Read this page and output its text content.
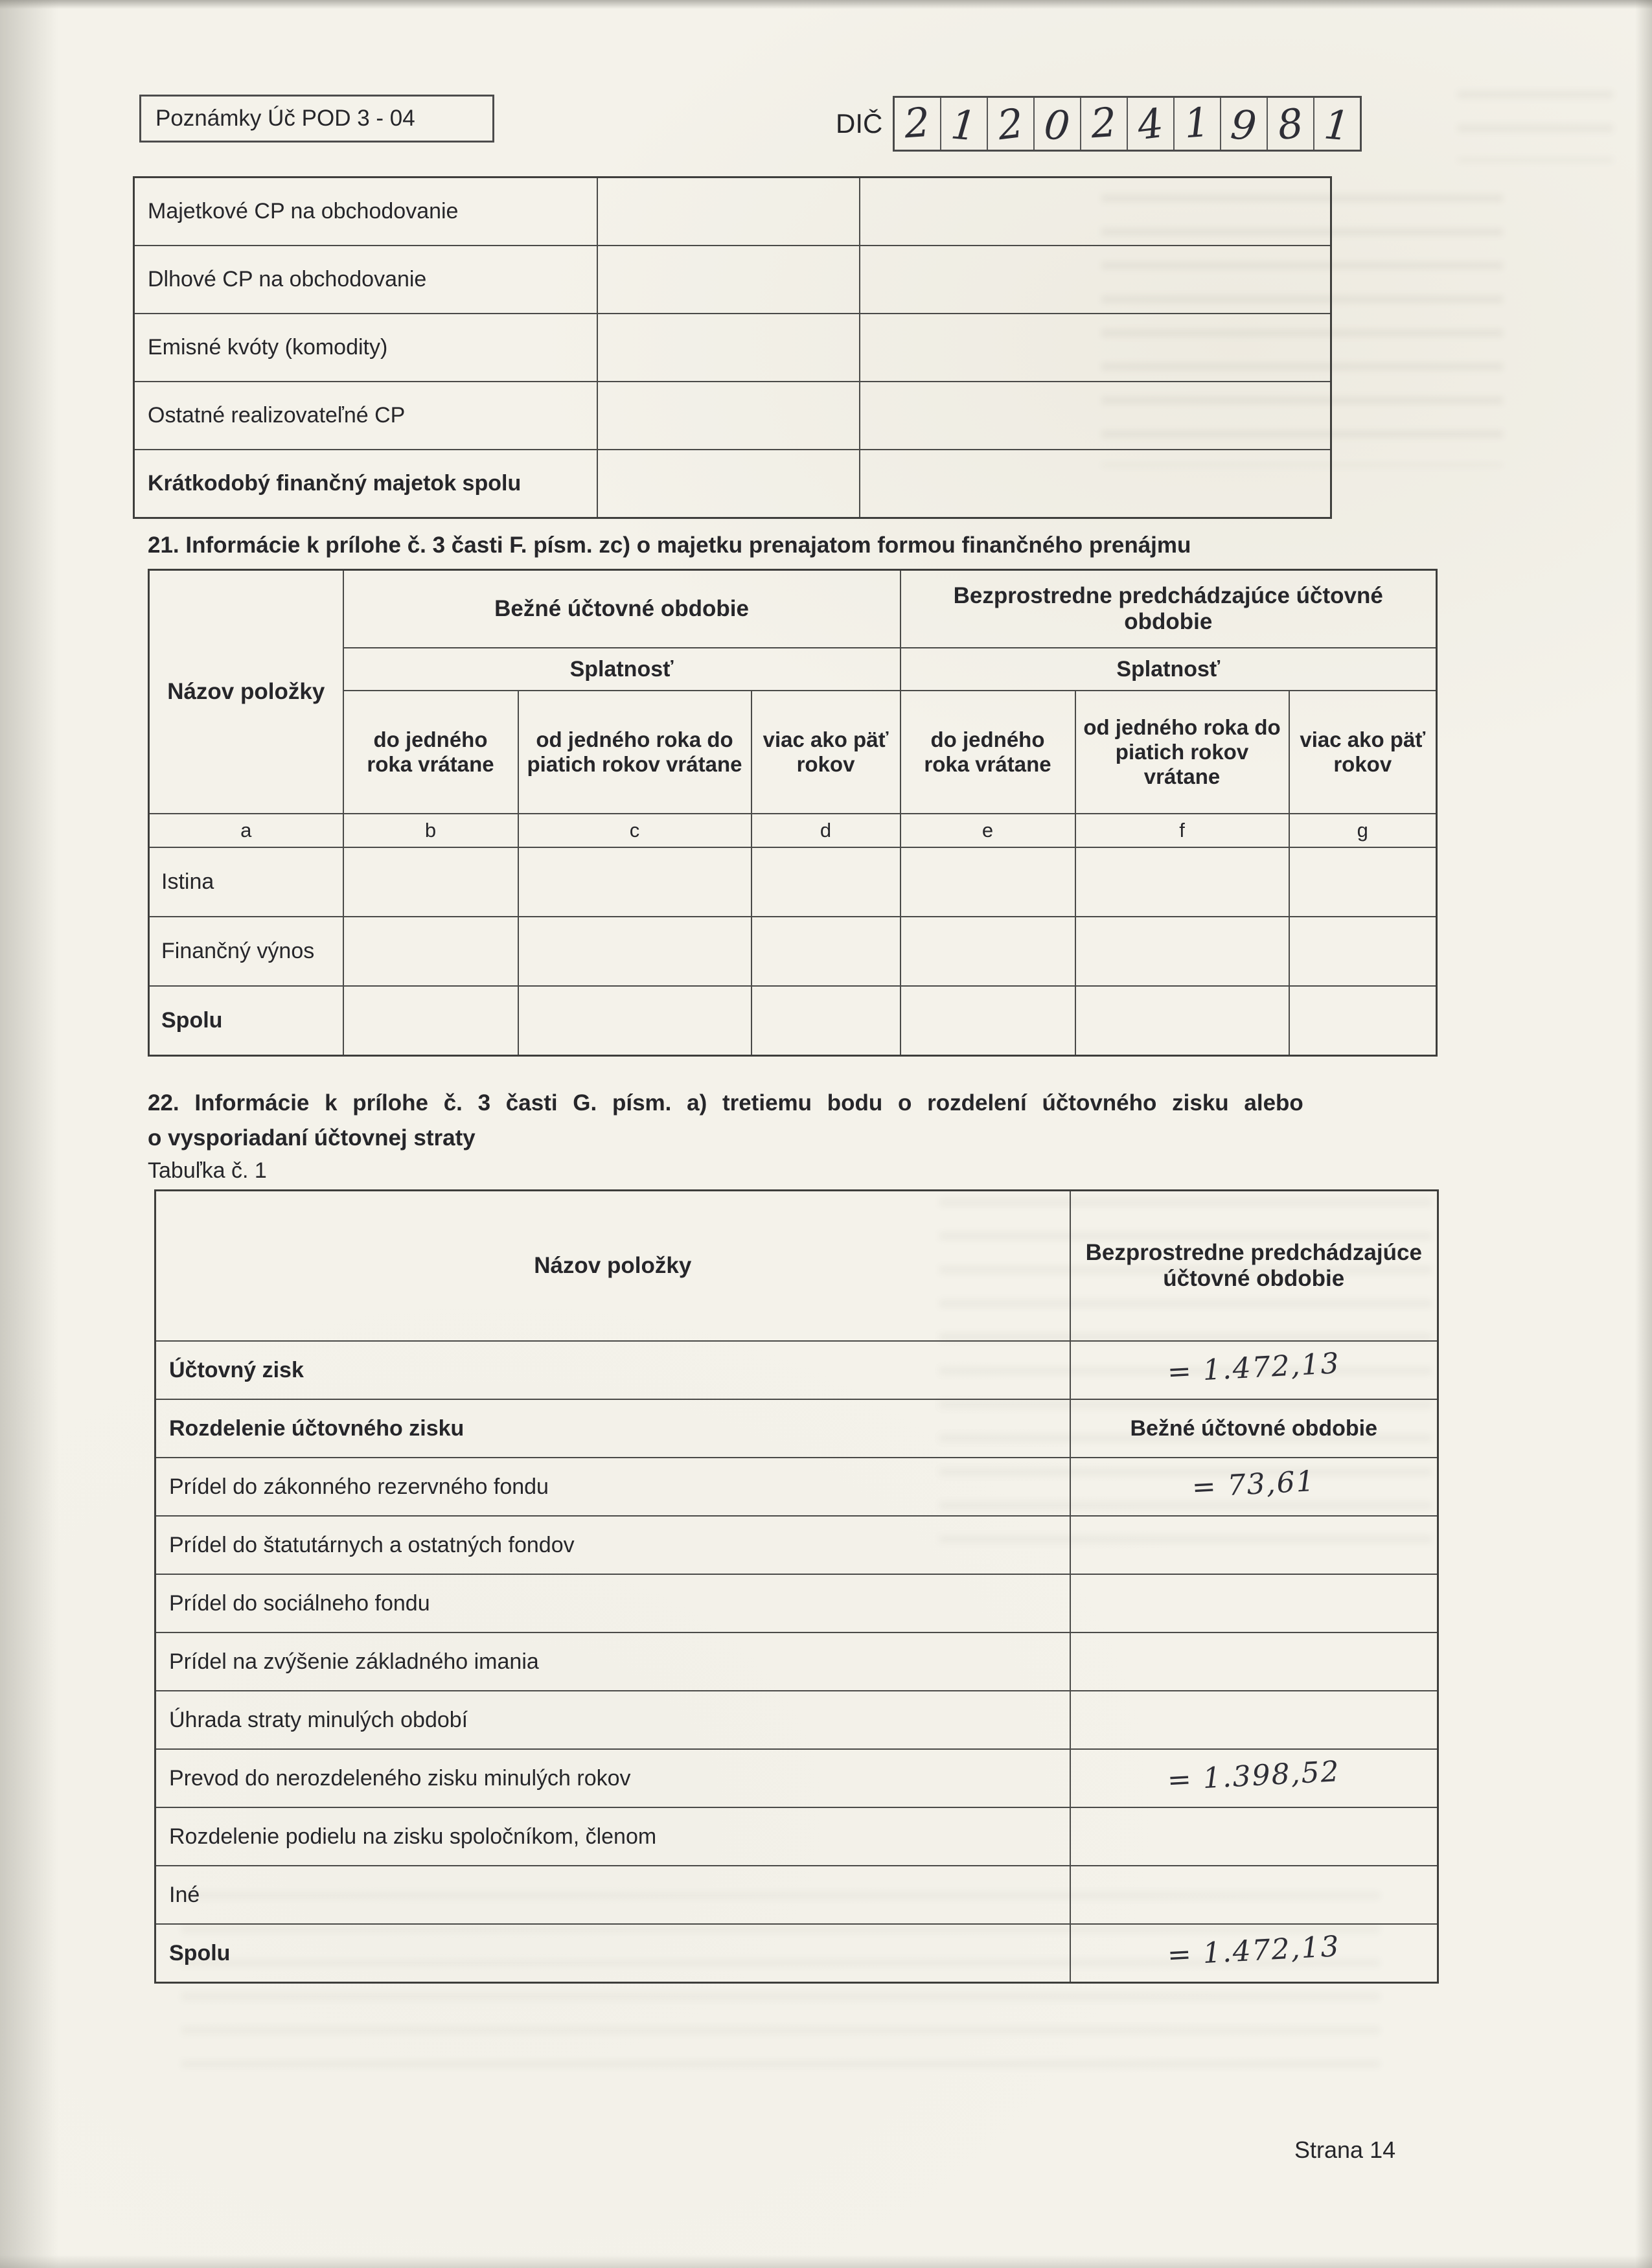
Poznámky Úč POD 3 - 04	DIČ 2 1 2 0 2 4 1 9 8 1
Majetkové CP na obchodovanie		
Dlhové CP na obchodovanie		
Emisné kvóty (komodity)		
Ostatné realizovateľné CP		
Krátkodobý finančný majetok spolu		
21. Informácie k prílohe č. 3 časti F. písm. zc) o majetku prenajatom formou finančného prenájmu
Názov položky	Bežné účtovné obdobie			Bezprostredne predchádzajúce účtovné obdobie		
	Splatnosť			Splatnosť		
	do jedného roka vrátane	od jedného roka do piatich rokov vrátane	viac ako päť rokov	do jedného roka vrátane	od jedného roka do piatich rokov vrátane	viac ako päť rokov
a	b	c	d	e	f	g
Istina						
Finančný výnos						
Spolu						
22. Informácie k prílohe č. 3 časti G. písm. a) tretiemu bodu o rozdelení účtovného zisku alebo
o vysporiadaní účtovnej straty
Tabuľka č. 1
Názov položky	Bezprostredne predchádzajúce účtovné obdobie
Účtovný zisk	= 1.472,13
Rozdelenie účtovného zisku	Bežné účtovné obdobie
Prídel do zákonného rezervného fondu	= 73,61
Prídel do štatutárnych a ostatných fondov	
Prídel do sociálneho fondu	
Prídel na zvýšenie základného imania	
Úhrada straty minulých období	
Prevod do nerozdeleného zisku minulých rokov	= 1.398,52
Rozdelenie podielu na zisku spoločníkom, členom	
Iné	
Spolu	= 1.472,13
Strana 14
